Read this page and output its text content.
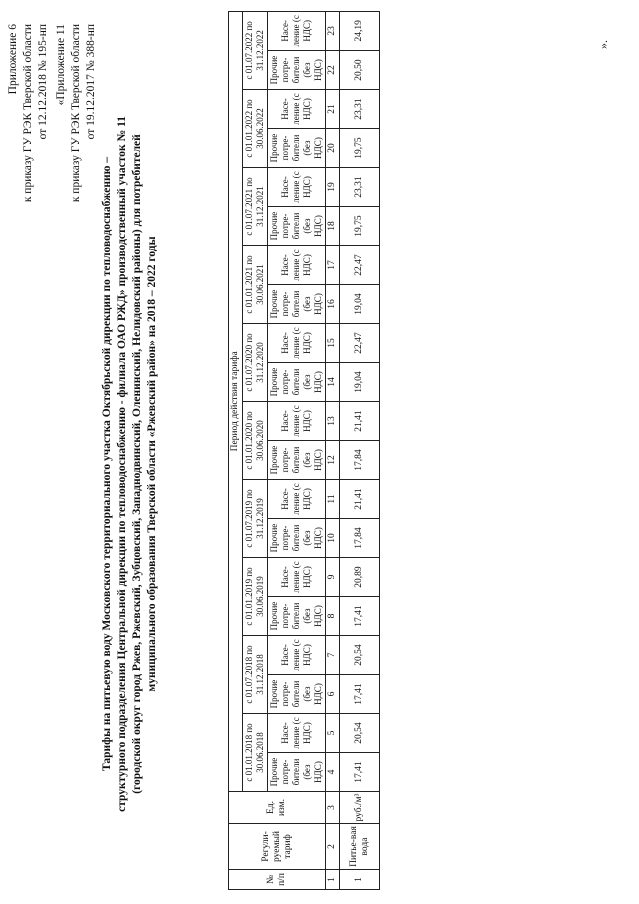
Приложение 6 к приказу ГУ РЭК Тверской области от 12.12.2018 № 195-нп «Приложение 11 к приказу ГУ РЭК Тверской области от 19.12.2017 № 388-нп
Тарифы на питьевую воду Московского территориального участка Октябрьской дирекции по тепловодоснабжению – структурного подразделения Центральной дирекции по тепловодоснабжению - филиала ОАО РЖД» производственный участок № 11 (городской округ город Ржев, Ржевский, Зубцовский, Западнодвинский, Оленинский, Нелидовский районы) для потребителей муниципального образования Тверской области «Ржевский район» на 2018 – 2022 годы
№ п/п	Регули-руемый тариф	Ед. изм.	Период действия тарифа																			
			с 01.01.2018 по 30.06.2018		с 01.07.2018 по 31.12.2018		с 01.01.2019 по 30.06.2019		с 01.07.2019 по 31.12.2019		с 01.01.2020 по 30.06.2020		с 01.07.2020 по 31.12.2020		с 01.01.2021 по 30.06.2021		с 01.07.2021 по 31.12.2021		с 01.01.2022 по 30.06.2022		с 01.07.2022 по 31.12.2022	
			Прочие потре-бители (без НДС)	Насе-ление (с НДС)	Прочие потре-бители (без НДС)	Насе-ление (с НДС)	Прочие потре-бители (без НДС)	Насе-ление (с НДС)	Прочие потре-бители (без НДС)	Насе-ление (с НДС)	Прочие потре-бители (без НДС)	Насе-ление (с НДС)	Прочие потре-бители (без НДС)	Насе-ление (с НДС)	Прочие потре-бители (без НДС)	Насе-ление (с НДС)	Прочие потре-бители (без НДС)	Насе-ление (с НДС)	Прочие потре-бители (без НДС)	Насе-ление (с НДС)	Прочие потре-бители (без НДС)	Насе-ление (с НДС)
1	2	3	4	5	6	7	8	9	10	11	12	13	14	15	16	17	18	19	20	21	22	23
1	Питье-вая вода	руб./м³	17,41	20,54	17,41	20,54	17,41	20,89	17,84	21,41	17,84	21,41	19,04	22,47	19,04	22,47	19,75	23,31	19,75	23,31	20,50	24,19
».
